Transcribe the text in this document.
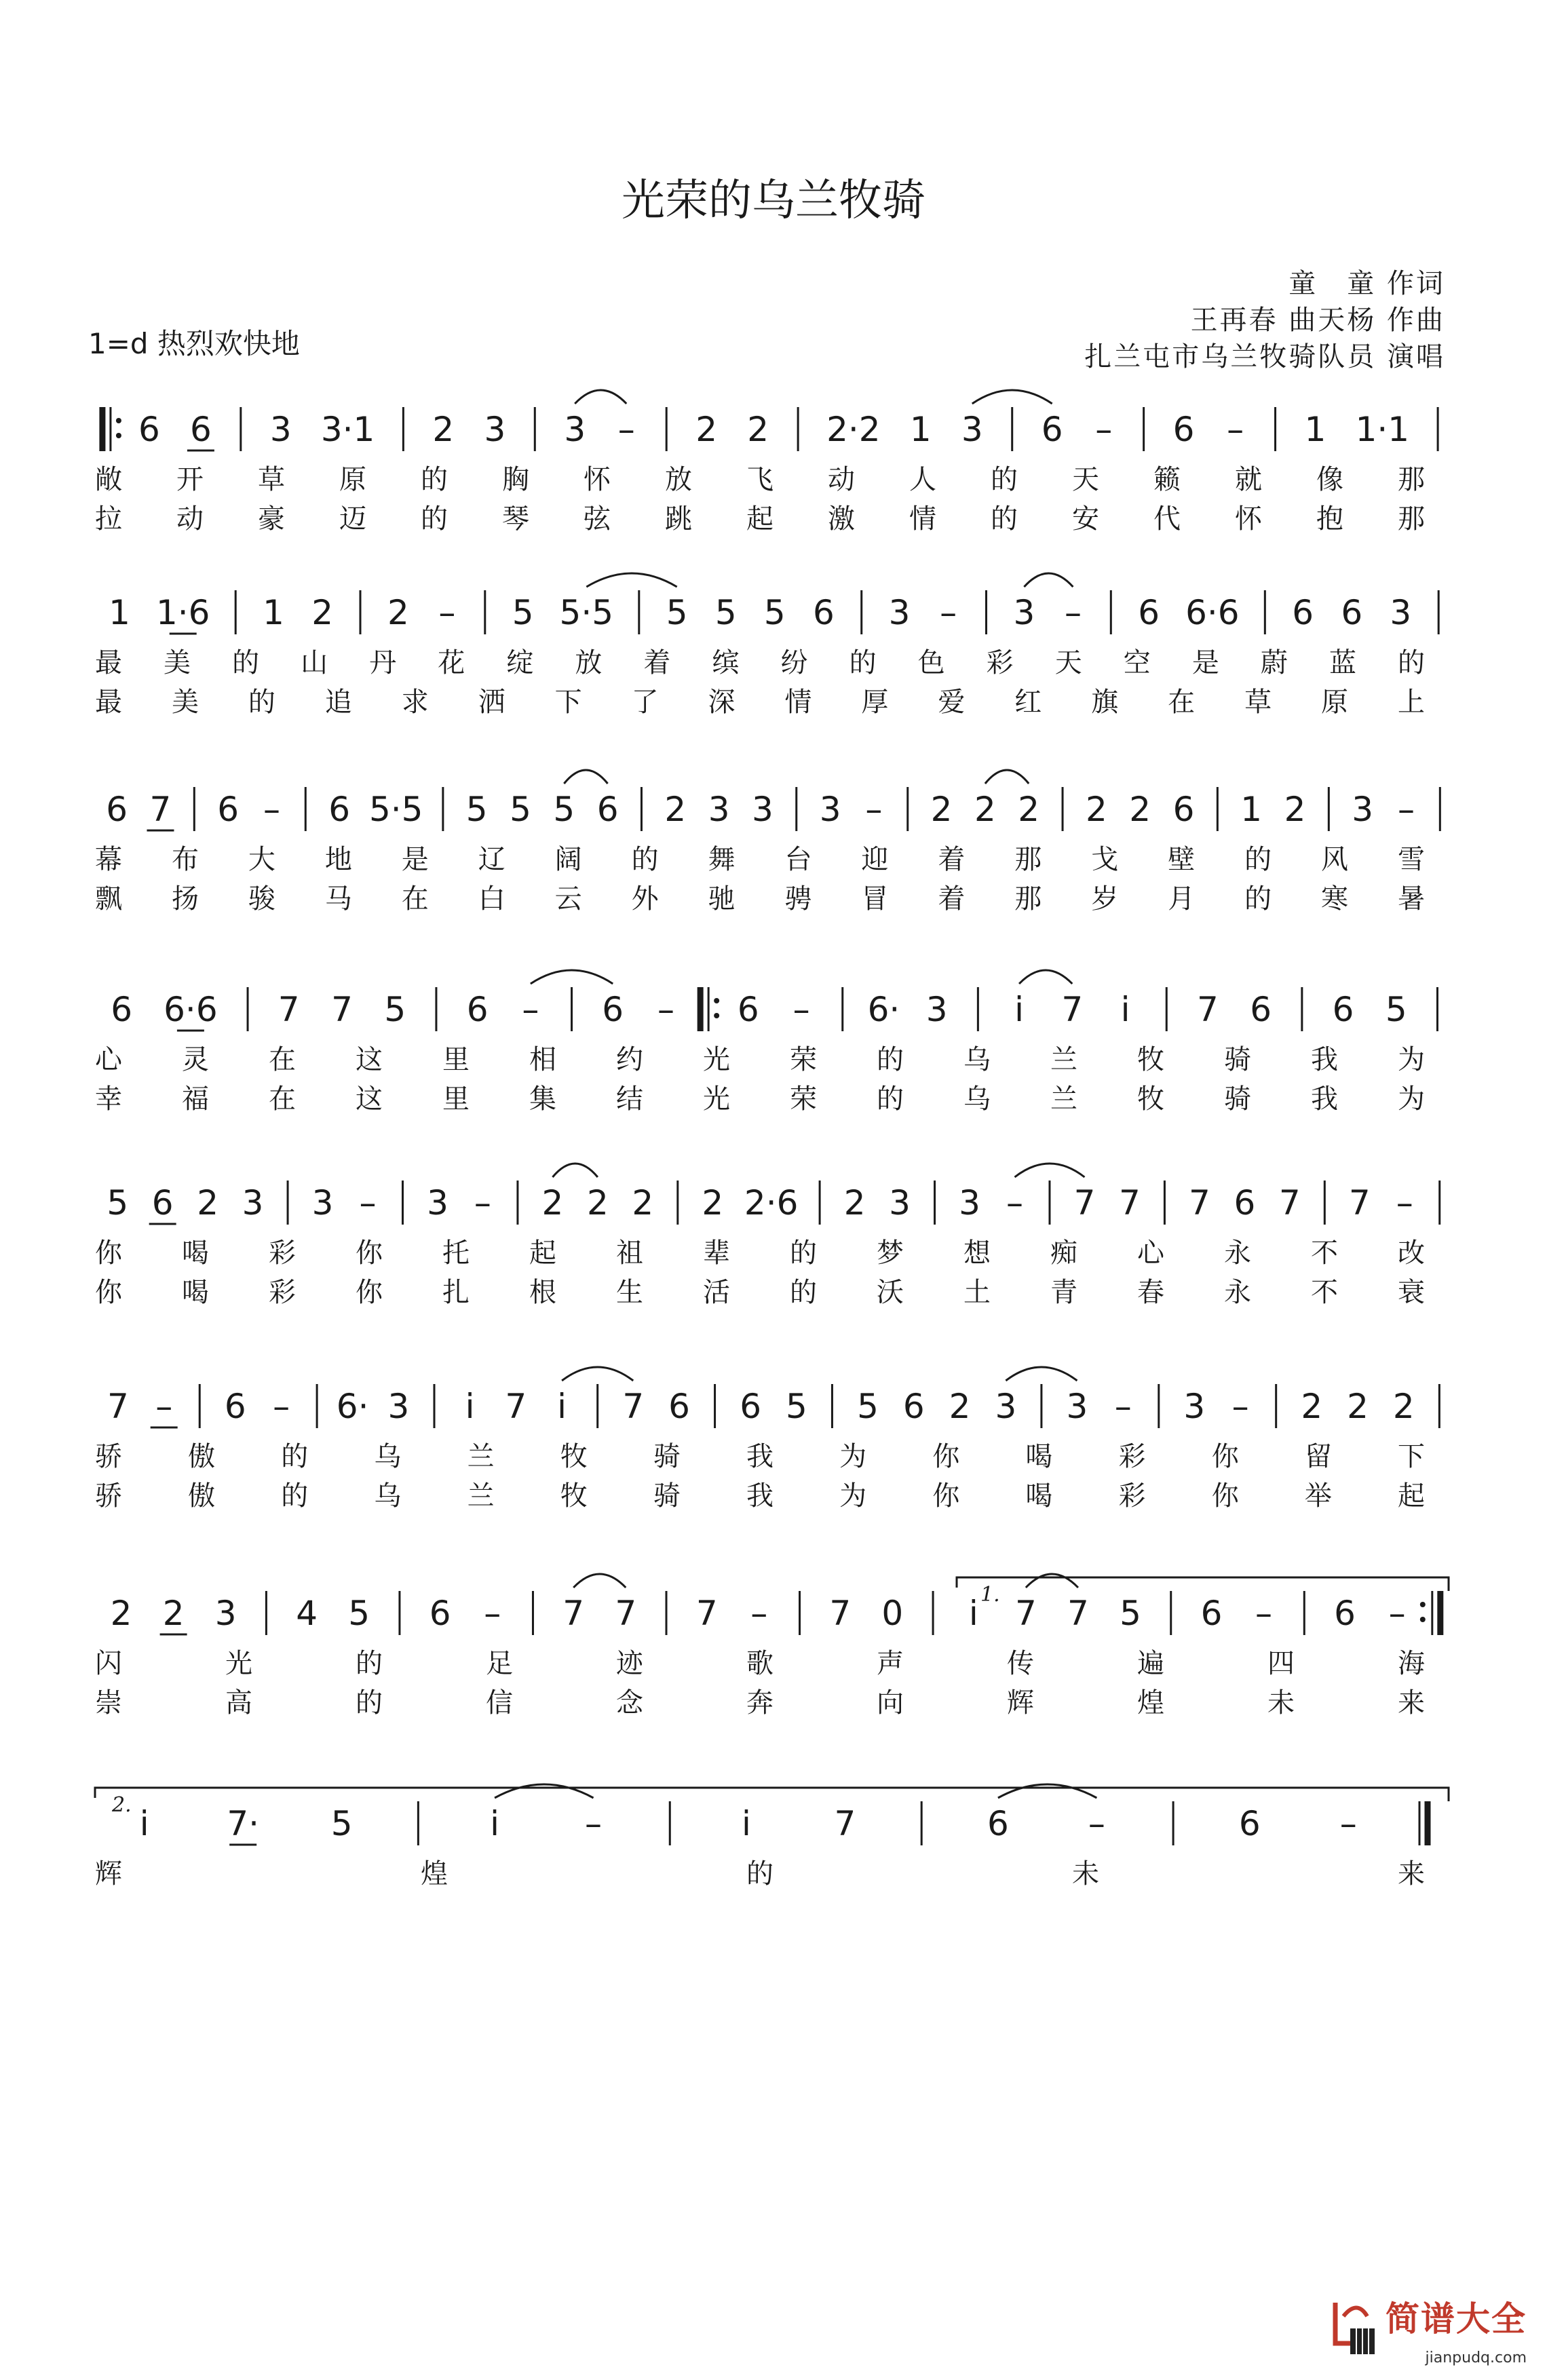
光荣的乌兰牧骑
童　童 作词
王再春 曲天杨 作曲
扎兰屯市乌兰牧骑队员 演唱
1=d 热烈欢快地
6 6 3 3·1 2 3 3 – 2 2 2·2 1 3 6 – 6 – 1 1·1
敞 开 草 原 的 胸 怀 放 飞 动 人 的 天 籁 就 像 那
拉 动 豪 迈 的 琴 弦 跳 起 激 情 的 安 代 怀 抱 那
1 1·6 1 2 2 – 5 5·5 5 5 5 6 3 – 3 – 6 6·6 6 6 3
最 美 的 山 丹 花 绽 放 着 缤 纷 的 色 彩 天 空 是 蔚 蓝 的
最 美 的 追 求 洒 下 了 深 情 厚 爱 红 旗 在 草 原 上
6 7 6 – 6 5·5 5 5 5 6 2 3 3 3 – 2 2 2 2 2 6 1 2 3 –
幕 布 大 地 是 辽 阔 的 舞 台 迎 着 那 戈 壁 的 风 雪
飘 扬 骏 马 在 白 云 外 驰 骋 冒 着 那 岁 月 的 寒 暑
6 6·6 7 7 5 6 – 6 – 6 – 6· 3 i 7 i 7 6 6 5
心 灵 在 这 里 相 约 光 荣 的 乌 兰 牧 骑 我 为
幸 福 在 这 里 集 结 光 荣 的 乌 兰 牧 骑 我 为
5 6 2 3 3 – 3 – 2 2 2 2 2·6 2 3 3 – 7 7 7 6 7 7 –
你 喝 彩 你 托 起 祖 辈 的 梦 想 痴 心 永 不 改
你 喝 彩 你 扎 根 生 活 的 沃 土 青 春 永 不 衰
7 – 6 – 6· 3 i 7 i 7 6 6 5 5 6 2 3 3 – 3 – 2 2 2
骄 傲 的 乌 兰 牧 骑 我 为 你 喝 彩 你 留 下
骄 傲 的 乌 兰 牧 骑 我 为 你 喝 彩 你 举 起
2 2 3 4 5 6 – 7 7 7 – 7 0 i 7 7 5 6 – 6 –
闪	光	的	足	迹	歌	声	传	遍	四	海
崇	高	的	信	念	奔	向	辉	煌	未	来
i 7· 5	i	–	i 7	6 –	6 –
辉	煌	的	未	来
1.
2.
简谱大全
jianpudq.com
